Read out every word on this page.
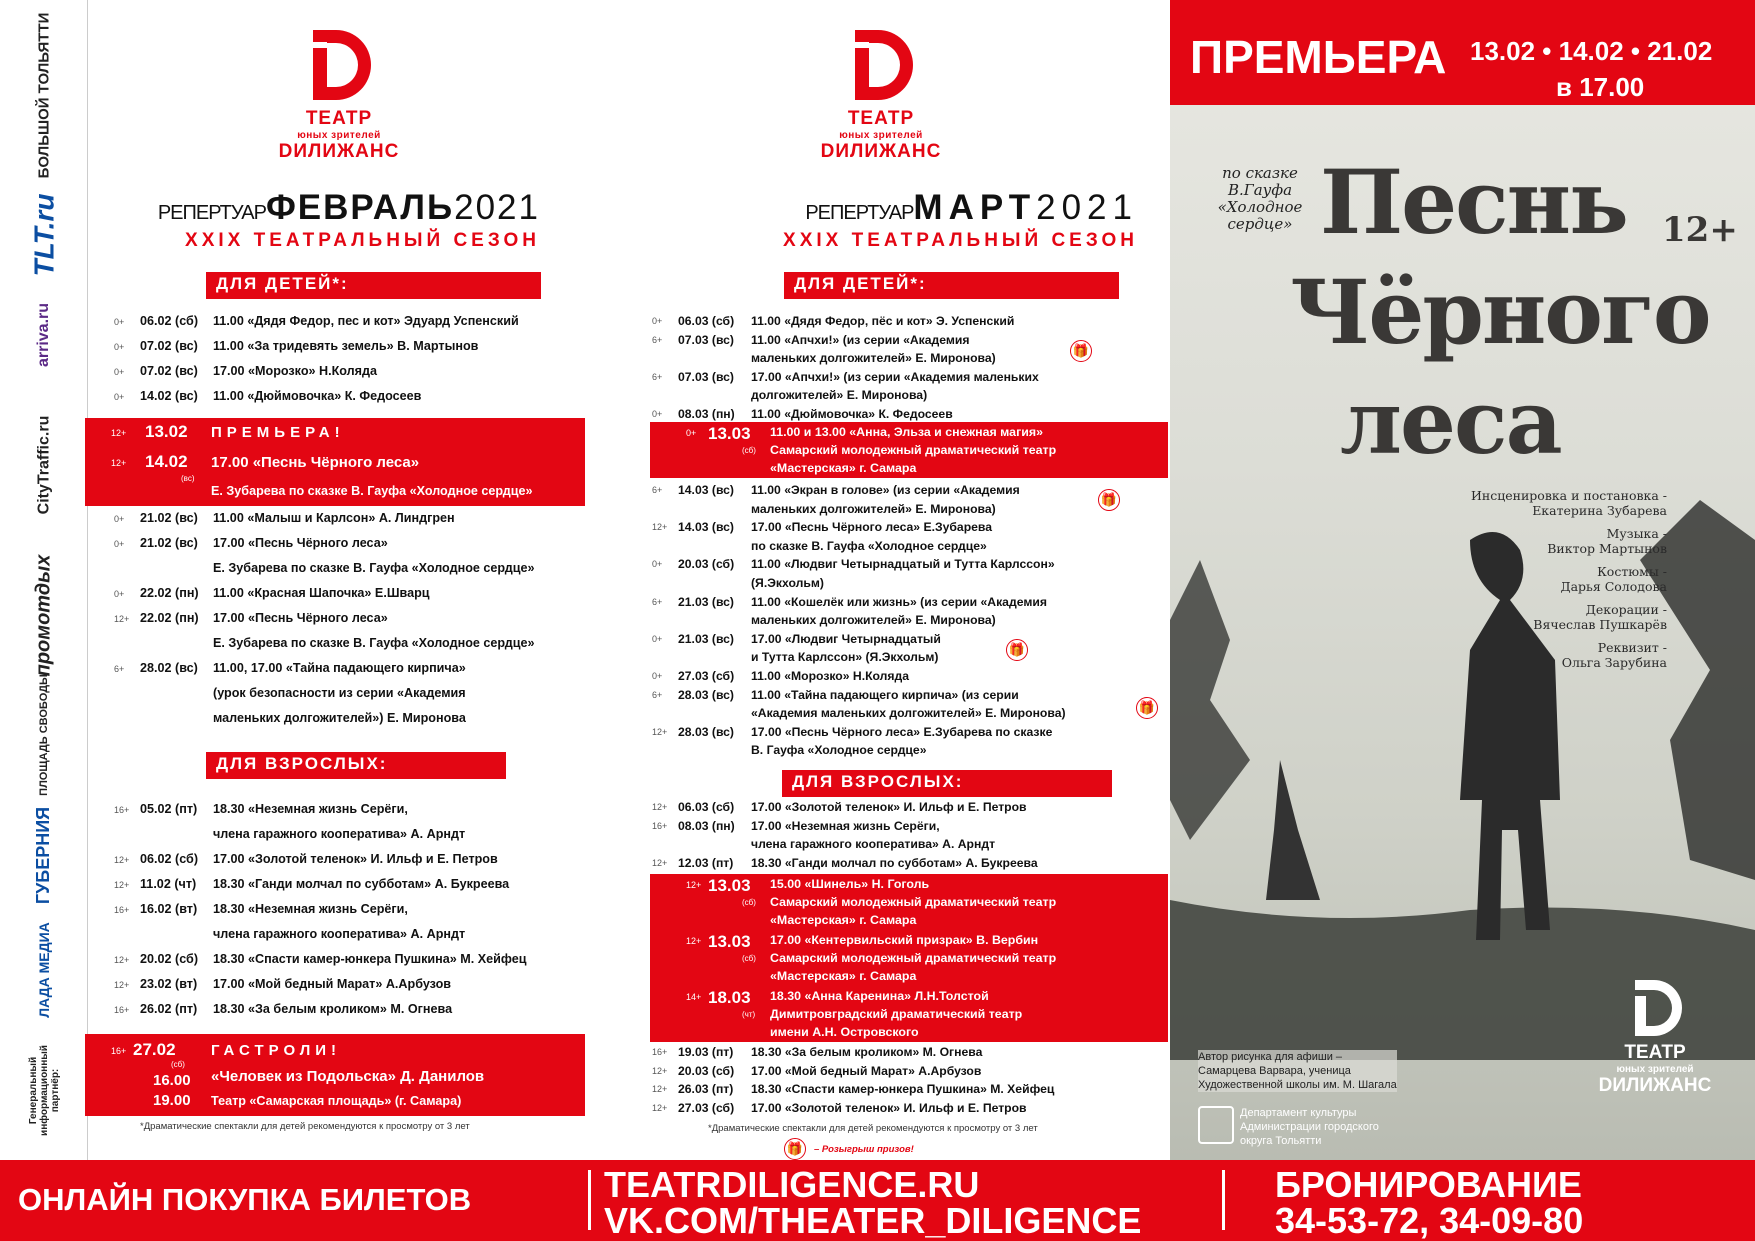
БОЛЬШОЙ ТОЛЬЯТТИ
TLT.ru
arriva.ru
CityTraffic.ru
промотдых
ПЛОЩАДЬ СВОБОДЫ
ГУБЕРНИЯ
ЛАДА МЕДИА
Генеральный информационный партнёр:
ТЕАТР
юных зрителей
DИЛИЖАНС
РЕПЕРТУАРФЕВРАЛЬ2021
XXIX ТЕАТРАЛЬНЫЙ СЕЗОН
ДЛЯ ДЕТЕЙ*:
0+ 06.02 (сб) 11.00 «Дядя Федор, пес и кот» Эдуард Успенский
0+ 07.02 (вс) 11.00 «За тридевять земель» В. Мартынов
0+ 07.02 (вс) 17.00 «Морозко» Н.Коляда
0+ 14.02 (вс) 11.00 «Дюймовочка» К. Федосеев
12+ 13.02 ПРЕМЬЕРА!
12+ 14.02
(вс)
17.00 «Песнь Чёрного леса»
Е. Зубарева по сказке В. Гауфа «Холодное сердце»
0+ 21.02 (вс) 11.00 «Малыш и Карлсон» А. Линдгрен
0+ 21.02 (вс) 17.00 «Песнь Чёрного леса»
Е. Зубарева по сказке В. Гауфа «Холодное сердце»
0+ 22.02 (пн) 11.00 «Красная Шапочка» Е.Шварц
12+ 22.02 (пн) 17.00 «Песнь Чёрного леса»
Е. Зубарева по сказке В. Гауфа «Холодное сердце»
6+ 28.02 (вс) 11.00, 17.00 «Тайна падающего кирпича»
(урок безопасности из серии «Академия
маленьких долгожителей») Е. Миронова
ДЛЯ ВЗРОСЛЫХ:
16+ 05.02 (пт) 18.30 «Неземная жизнь Серёги,
члена гаражного кооператива» А. Арндт
12+ 06.02 (сб) 17.00 «Золотой теленок» И. Ильф и Е. Петров
12+ 11.02 (чт) 18.30 «Ганди молчал по субботам» А. Букреева
16+ 16.02 (вт) 18.30 «Неземная жизнь Серёги,
члена гаражного кооператива» А. Арндт
12+ 20.02 (сб) 18.30 «Спасти камер-юнкера Пушкина» М. Хейфец
12+ 23.02 (вт) 17.00 «Мой бедный Марат» А.Арбузов
16+ 26.02 (пт) 18.30 «За белым кроликом» М. Огнева
16+ 27.02
(сб)
16.00
19.00
ГАСТРОЛИ!
«Человек из Подольска» Д. Данилов
Театр «Самарская площадь» (г. Самара)
*Драматические спектакли для детей рекомендуются к просмотру от 3 лет
ТЕАТР
юных зрителей
DИЛИЖАНС
РЕПЕРТУАРМАРТ2021
XXIX ТЕАТРАЛЬНЫЙ СЕЗОН
ДЛЯ ДЕТЕЙ*:
0+ 06.03 (сб) 11.00 «Дядя Федор, пёс и кот» Э. Успенский
6+ 07.03 (вс) 11.00 «Апчхи!» (из серии «Академия
маленьких долгожителей» Е. Миронова)
6+ 07.03 (вс) 17.00 «Апчхи!» (из серии «Академия маленьких
долгожителей» Е. Миронова)
0+ 08.03 (пн) 11.00 «Дюймовочка» К. Федосеев
0+ 13.03
(сб)
11.00 и 13.00 «Анна, Эльза и снежная магия»
Самарский молодежный драматический театр
«Мастерская» г. Самара
6+ 14.03 (вс) 11.00 «Экран в голове» (из серии «Академия
маленьких долгожителей» Е. Миронова)
12+ 14.03 (вс) 17.00 «Песнь Чёрного леса» Е.Зубарева
по сказке В. Гауфа «Холодное сердце»
0+ 20.03 (сб) 11.00 «Людвиг Четырнадцатый и Тутта Карлссон»
(Я.Экхольм)
6+ 21.03 (вс) 11.00 «Кошелёк или жизнь» (из серии «Академия
маленьких долгожителей» Е. Миронова)
0+ 21.03 (вс) 17.00 «Людвиг Четырнадцатый
и Тутта Карлссон» (Я.Экхольм)
0+ 27.03 (сб) 11.00 «Морозко» Н.Коляда
6+ 28.03 (вс) 11.00 «Тайна падающего кирпича» (из серии
«Академия маленьких долгожителей» Е. Миронова)
12+ 28.03 (вс) 17.00 «Песнь Чёрного леса» Е.Зубарева по сказке
В. Гауфа «Холодное сердце»
ДЛЯ ВЗРОСЛЫХ:
12+ 06.03 (сб) 17.00 «Золотой теленок» И. Ильф и Е. Петров
16+ 08.03 (пн) 17.00 «Неземная жизнь Серёги,
члена гаражного кооператива» А. Арндт
12+ 12.03 (пт) 18.30 «Ганди молчал по субботам» А. Букреева
12+ 13.03
(сб)
15.00 «Шинель» Н. Гоголь
Самарский молодежный драматический театр
«Мастерская» г. Самара
12+ 13.03
(сб)
17.00 «Кентервильский призрак» В. Вербин
Самарский молодежный драматический театр
«Мастерская» г. Самара
14+ 18.03
(чт)
18.30 «Анна Каренина» Л.Н.Толстой
Димитровградский драматический театр
имени А.Н. Островского
16+ 19.03 (пт) 18.30 «За белым кроликом» М. Огнева
12+ 20.03 (сб) 17.00 «Мой бедный Марат» А.Арбузов
12+ 26.03 (пт) 18.30 «Спасти камер-юнкера Пушкина» М. Хейфец
12+ 27.03 (сб) 17.00 «Золотой теленок» И. Ильф и Е. Петров
*Драматические спектакли для детей рекомендуются к просмотру от 3 лет
🎁	– Розыгрыш призов!
🎁
🎁
🎁
🎁
ПРЕМЬЕРА 13.02 • 14.02 • 21.02
в 17.00
по сказке
В.Гауфа
«Холодное
сердце» Песнь
Чёрного
леса
12+
Инсценировка и постановка -
Екатерина Зубарева
Музыка -
Виктор Мартынов
Костюмы -
Дарья Солодова
Декорации -
Вячеслав Пушкарёв
Реквизит -
Ольга Зарубина
Автор рисунка для афиши –
Самарцева Варвара, ученица
Художественной школы им. М. Шагала
Департамент культуры
Администрации городского
округа Тольятти
ТЕАТР
юных зрителей
DИЛИЖАНС
ОНЛАЙН ПОКУПКА БИЛЕТОВ	TEATRDILIGENCE.RU
VK.COM/THEATER_DILIGENCE
БРОНИРОВАНИЕ
34-53-72, 34-09-80
